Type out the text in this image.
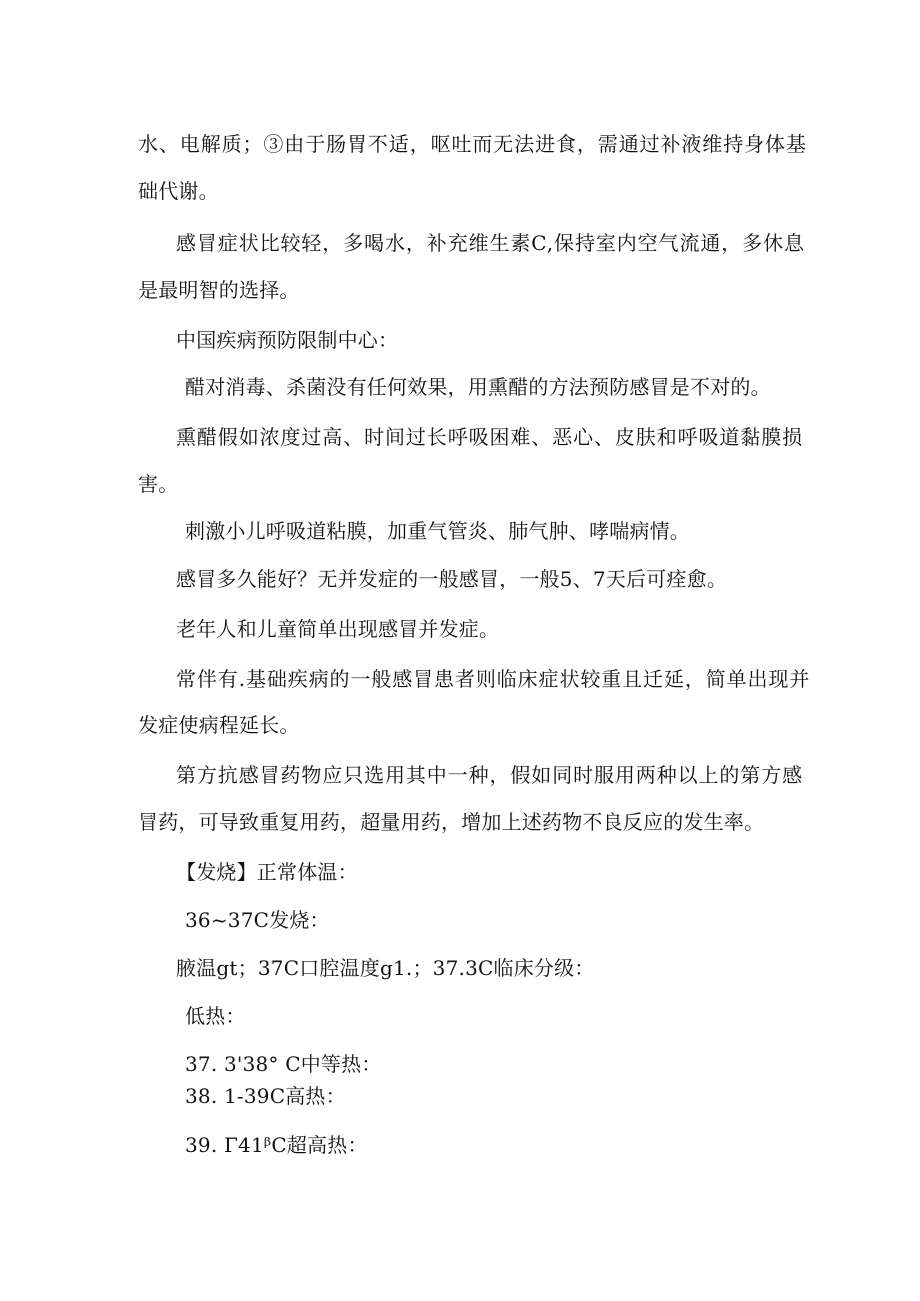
水、电解质；③由于肠胃不适，呕吐而无法进食，需通过补液维持身体基
础代谢。
感冒症状比较轻，多喝水，补充维生素C,保持室内空气流通，多休息
是最明智的选择。
中国疾病预防限制中心：
醋对消毒、杀菌没有任何效果，用熏醋的方法预防感冒是不对的。
熏醋假如浓度过高、时间过长呼吸困难、恶心、皮肤和呼吸道黏膜损
害。
刺激小儿呼吸道粘膜，加重气管炎、肺气肿、哮喘病情。
感冒多久能好？无并发症的一般感冒，一般5、7天后可痊愈。
老年人和儿童简单出现感冒并发症。
常伴有.基础疾病的一般感冒患者则临床症状较重且迁延，简单出现并
发症使病程延长。
第方抗感冒药物应只选用其中一种，假如同时服用两种以上的第方感
冒药，可导致重复用药，超量用药，增加上述药物不良反应的发生率。
【发烧】正常体温：
36~37C发烧：
腋温gt；37C口腔温度g1.；37.3C临床分级：
低热：
37. 3'38° C中等热：
38. 1-39C高热：
39. Γ41ᵝC超高热：
